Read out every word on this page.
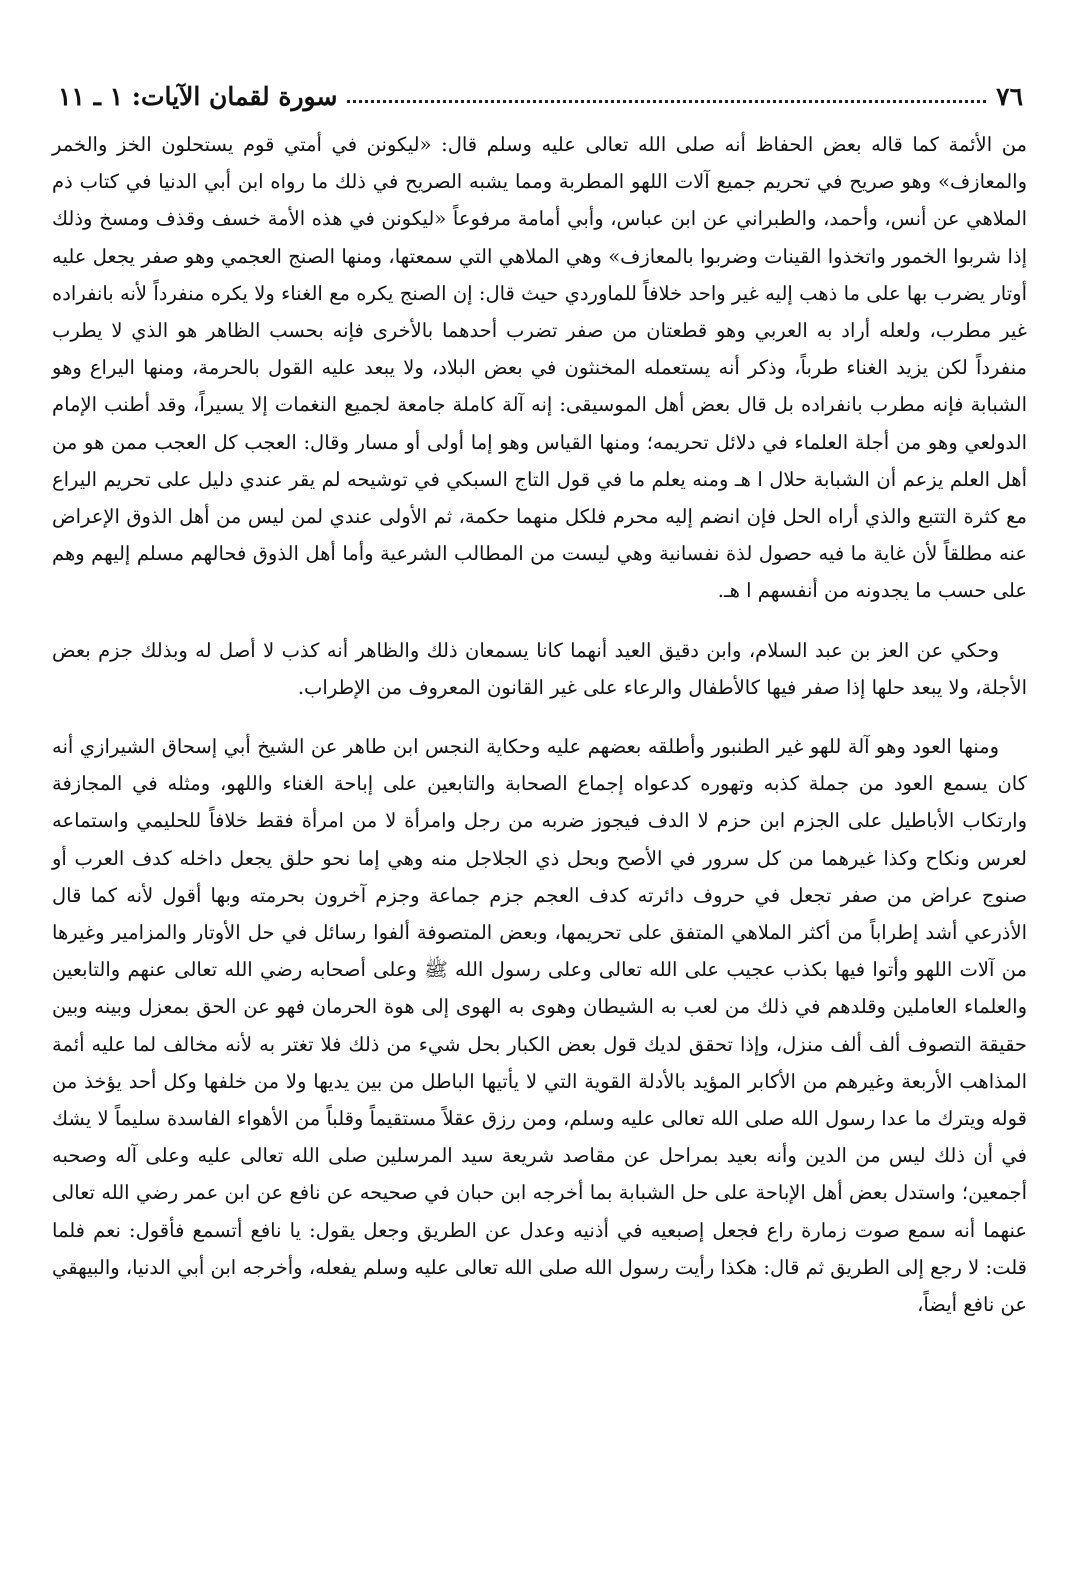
٧٦
سورة لقمان الآيات: ١ ـ ١١

من الأئمة كما قاله بعض الحفاظ أنه صلى الله تعالى عليه وسلم قال: «ليكونن في أمتي قوم يستحلون الخز والخمر والمعازف» وهو صريح في تحريم جميع آلات اللهو المطربة ومما يشبه الصريح في ذلك ما رواه ابن أبي الدنيا في كتاب ذم الملاهي عن أنس، وأحمد، والطبراني عن ابن عباس، وأبي أمامة مرفوعاً «ليكونن في هذه الأمة خسف وقذف ومسخ وذلك إذا شربوا الخمور واتخذوا القينات وضربوا بالمعازف» وهي الملاهي التي سمعتها، ومنها الصنج العجمي وهو صفر يجعل عليه أوتار يضرب بها على ما ذهب إليه غير واحد خلافاً للماوردي حيث قال: إن الصنج يكره مع الغناء ولا يكره منفرداً لأنه بانفراده غير مطرب، ولعله أراد به العربي وهو قطعتان من صفر تضرب أحدهما بالأخرى فإنه بحسب الظاهر هو الذي لا يطرب منفرداً لكن يزيد الغناء طرباً، وذكر أنه يستعمله المخنثون في بعض البلاد، ولا يبعد عليه القول بالحرمة، ومنها اليراع وهو الشبابة فإنه مطرب بانفراده بل قال بعض أهل الموسيقى: إنه آلة كاملة جامعة لجميع النغمات إلا يسيراً، وقد أطنب الإمام الدولعي وهو من أجلة العلماء في دلائل تحريمه؛ ومنها القياس وهو إما أولى أو مسار وقال: العجب كل العجب ممن هو من أهل العلم يزعم أن الشبابة حلال ا هـ ومنه يعلم ما في قول التاج السبكي في توشيحه لم يقر عندي دليل على تحريم اليراع مع كثرة التتبع والذي أراه الحل فإن انضم إليه محرم فلكل منهما حكمة، ثم الأولى عندي لمن ليس من أهل الذوق الإعراض عنه مطلقاً لأن غاية ما فيه حصول لذة نفسانية وهي ليست من المطالب الشرعية وأما أهل الذوق فحالهم مسلم إليهم وهم على حسب ما يجدونه من أنفسهم ا هـ.

وحكي عن العز بن عبد السلام، وابن دقيق العيد أنهما كانا يسمعان ذلك والظاهر أنه كذب لا أصل له وبذلك جزم بعض الأجلة، ولا يبعد حلها إذا صفر فيها كالأطفال والرعاء على غير القانون المعروف من الإطراب.

ومنها العود وهو آلة للهو غير الطنبور وأطلقه بعضهم عليه وحكاية النجس ابن طاهر عن الشيخ أبي إسحاق الشيرازي أنه كان يسمع العود من جملة كذبه وتهوره كدعواه إجماع الصحابة والتابعين على إباحة الغناء واللهو، ومثله في المجازفة وارتكاب الأباطيل على الجزم ابن حزم لا الدف فيجوز ضربه من رجل وامرأة لا من امرأة فقط خلافاً للحليمي واستماعه لعرس ونكاح وكذا غيرهما من كل سرور في الأصح وبحل ذي الجلاجل منه وهي إما نحو حلق يجعل داخله كدف العرب أو صنوج عراض من صفر تجعل في حروف دائرته كدف العجم جزم جماعة وجزم آخرون بحرمته وبها أقول لأنه كما قال الأذرعي أشد إطراباً من أكثر الملاهي المتفق على تحريمها، وبعض المتصوفة ألفوا رسائل في حل الأوتار والمزامير وغيرها من آلات اللهو وأتوا فيها بكذب عجيب على الله تعالى وعلى رسول الله ﷺ وعلى أصحابه رضي الله تعالى عنهم والتابعين والعلماء العاملين وقلدهم في ذلك من لعب به الشيطان وهوى به الهوى إلى هوة الحرمان فهو عن الحق بمعزل وبينه وبين حقيقة التصوف ألف ألف منزل، وإذا تحقق لديك قول بعض الكبار بحل شيء من ذلك فلا تغتر به لأنه مخالف لما عليه أئمة المذاهب الأربعة وغيرهم من الأكابر المؤيد بالأدلة القوية التي لا يأتيها الباطل من بين يديها ولا من خلفها وكل أحد يؤخذ من قوله ويترك ما عدا رسول الله صلى الله تعالى عليه وسلم، ومن رزق عقلاً مستقيماً وقلباً من الأهواء الفاسدة سليماً لا يشك في أن ذلك ليس من الدين وأنه بعيد بمراحل عن مقاصد شريعة سيد المرسلين صلى الله تعالى عليه وعلى آله وصحبه أجمعين؛ واستدل بعض أهل الإباحة على حل الشبابة بما أخرجه ابن حبان في صحيحه عن نافع عن ابن عمر رضي الله تعالى عنهما أنه سمع صوت زمارة راع فجعل إصبعيه في أذنيه وعدل عن الطريق وجعل يقول: يا نافع أتسمع فأقول: نعم فلما قلت: لا رجع إلى الطريق ثم قال: هكذا رأيت رسول الله صلى الله تعالى عليه وسلم يفعله، وأخرجه ابن أبي الدنيا، والبيهقي عن نافع أيضاً،
